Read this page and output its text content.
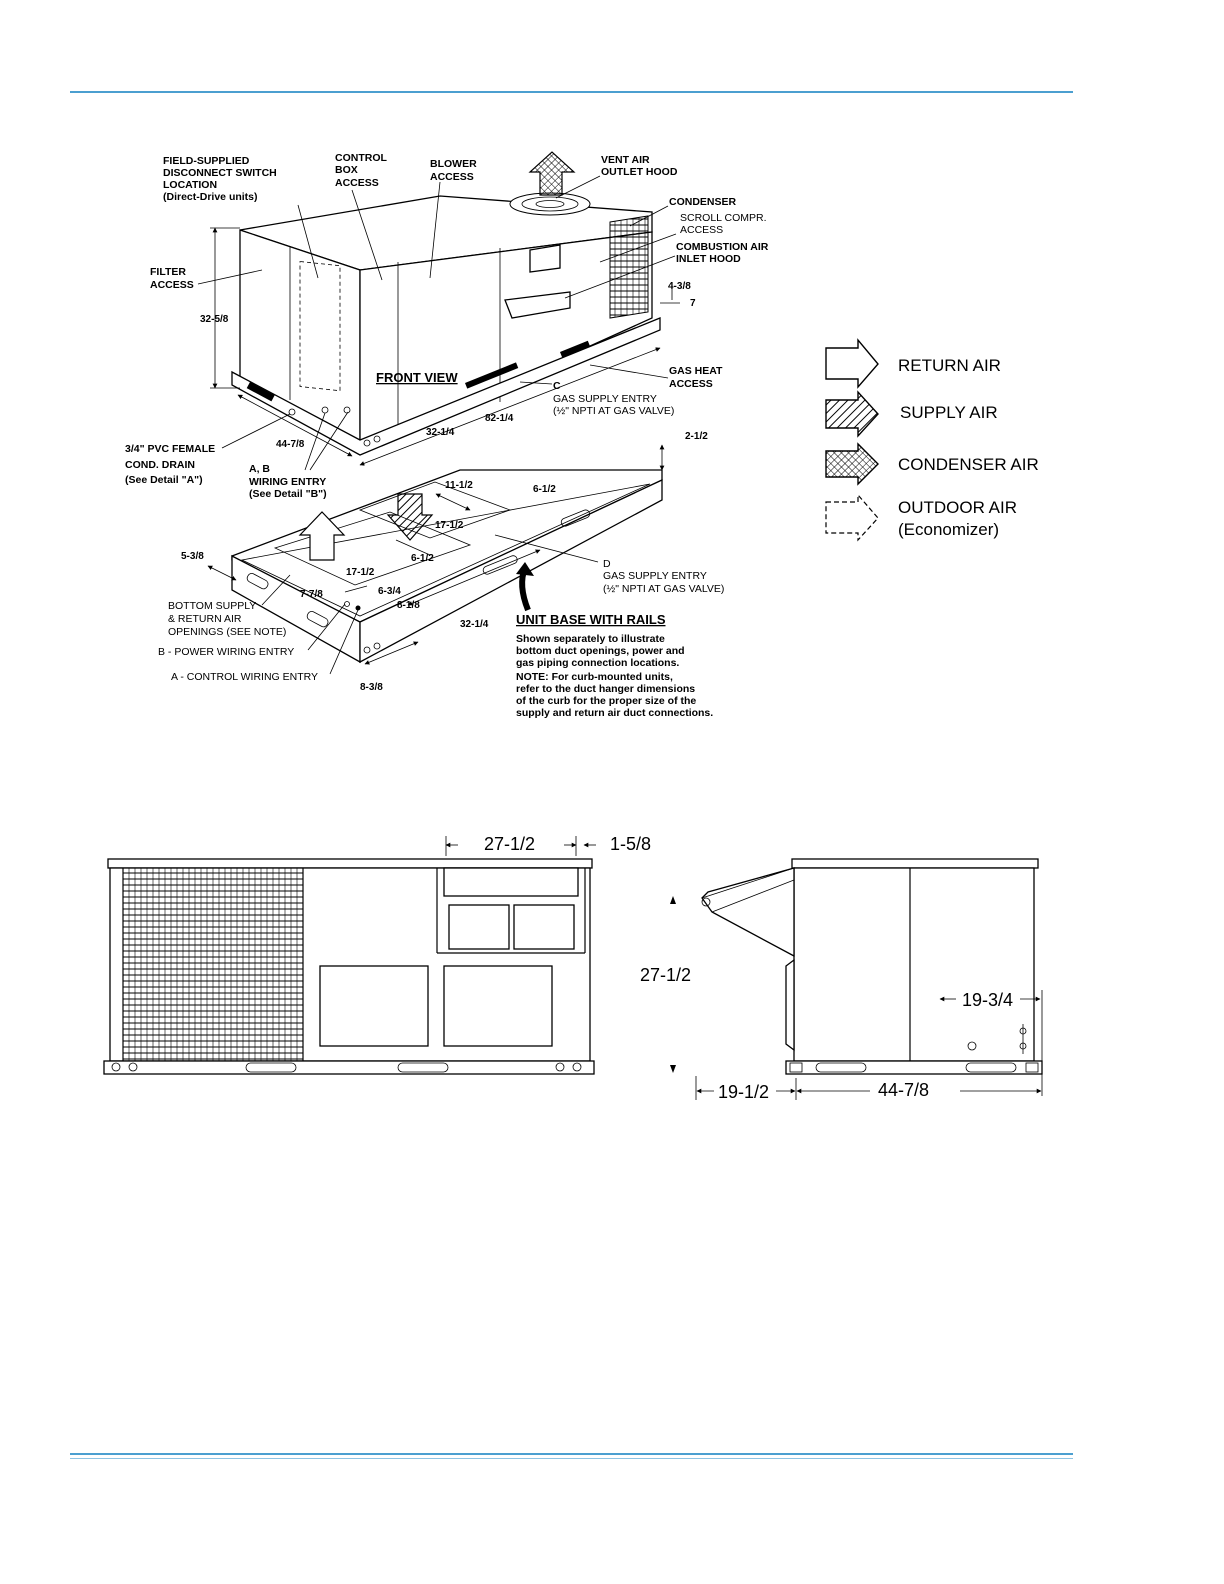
FIELD-SUPPLIED
DISCONNECT SWITCH
LOCATION
(Direct-Drive units)
CONTROL
BOX
ACCESS
BLOWER
ACCESS
VENT AIR
OUTLET HOOD
CONDENSER
SCROLL COMPR.
ACCESS
COMBUSTION AIR
INLET HOOD
FILTER
ACCESS
FRONT VIEW	GAS HEAT
ACCESS
C
GAS SUPPLY ENTRY
(½" NPTI AT GAS VALVE)
3/4" PVC FEMALE
COND. DRAIN
(See Detail "A")
A, B
WIRING ENTRY
(See Detail "B")
D
GAS SUPPLY ENTRY
(½" NPTI AT GAS VALVE)
BOTTOM SUPPLY
& RETURN AIR
OPENINGS (SEE NOTE)
B - POWER WIRING ENTRY
A - CONTROL WIRING ENTRY
UNIT BASE WITH RAILS
Shown separately to illustrate
bottom duct openings, power and
gas piping connection locations.
NOTE: For curb-mounted units,
refer to the duct hanger dimensions
of the curb for the proper size of the
supply and return air duct connections.
32-5/8
4-3/8
7
44-7/8
32-1/4
82-1/4
2-1/2
11-1/2	6-1/2
17-1/2
6-1/2
5-3/8
17-1/2
7-7/8	6-3/4
8-1/8
32-1/4
8-3/8
RETURN AIR
SUPPLY AIR
CONDENSER AIR
OUTDOOR AIR
(Economizer)
27-1/2	1-5/8
27-1/2
19-3/4
19-1/2	44-7/8
